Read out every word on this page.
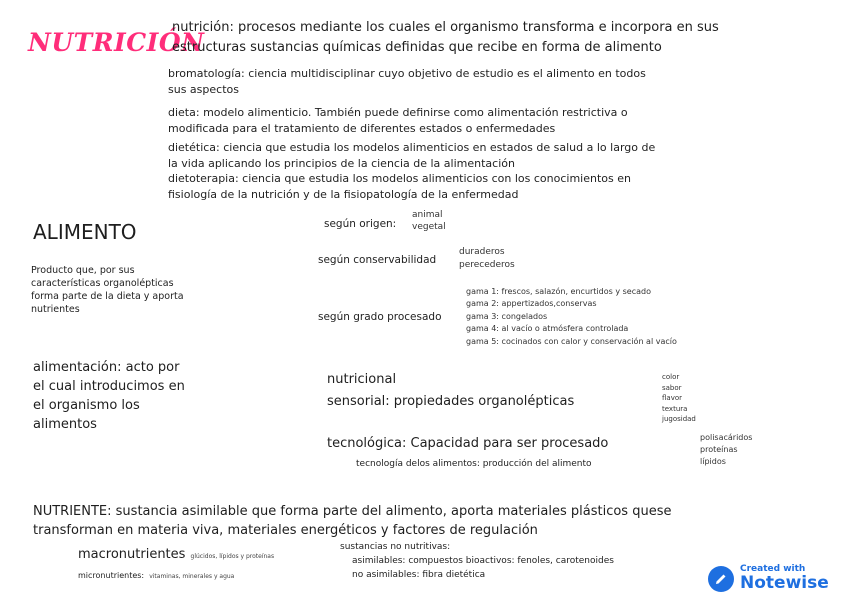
NUTRICIÓN
nutrición: procesos mediante los cuales el organismo transforma e incorpora en sus estructuras sustancias químicas definidas que recibe en forma de alimento
bromatología: ciencia multidisciplinar cuyo objetivo de estudio es el alimento en todos sus aspectos
dieta: modelo alimenticio. También puede definirse como alimentación restrictiva o modificada para el tratamiento de diferentes estados o enfermedades
dietética: ciencia que estudia los modelos alimenticios en estados de salud a lo largo de la vida aplicando los principios de la ciencia de la alimentación
dietoterapia: ciencia que estudia los modelos alimenticios con los conocimientos en fisiología de la nutrición y de la fisiopatología de la enfermedad
ALIMENTO
Producto que, por sus características organolépticas forma parte de la dieta y aporta nutrientes
alimentación: acto por el cual introducimos en el organismo los alimentos
según origen:
animal
vegetal
según conservabilidad
duraderos
perecederos
según grado procesado
gama 1: frescos, salazón, encurtidos y secado
gama 2: appertizados,conservas
gama 3: congelados
gama 4: al vacío o atmósfera controlada
gama 5: cocinados con calor y conservación al vacío
nutricional
sensorial: propiedades organolépticas
color
sabor
flavor
textura
jugosidad
tecnológica: Capacidad para ser procesado	polisacáridos
proteínas
lípidos
tecnología delos alimentos: producción del alimento
NUTRIENTE: sustancia asimilable que forma parte del alimento, aporta materiales plásticos quese transforman en materia viva, materiales energéticos y factores de regulación
macronutrientes glúcidos, lípidos y proteínas
micronutrientes: vitaminas, minerales y agua
sustancias no nutritivas:
asimilables: compuestos bioactivos: fenoles, carotenoides
no asimilables: fibra dietética
Created with
Notewise
